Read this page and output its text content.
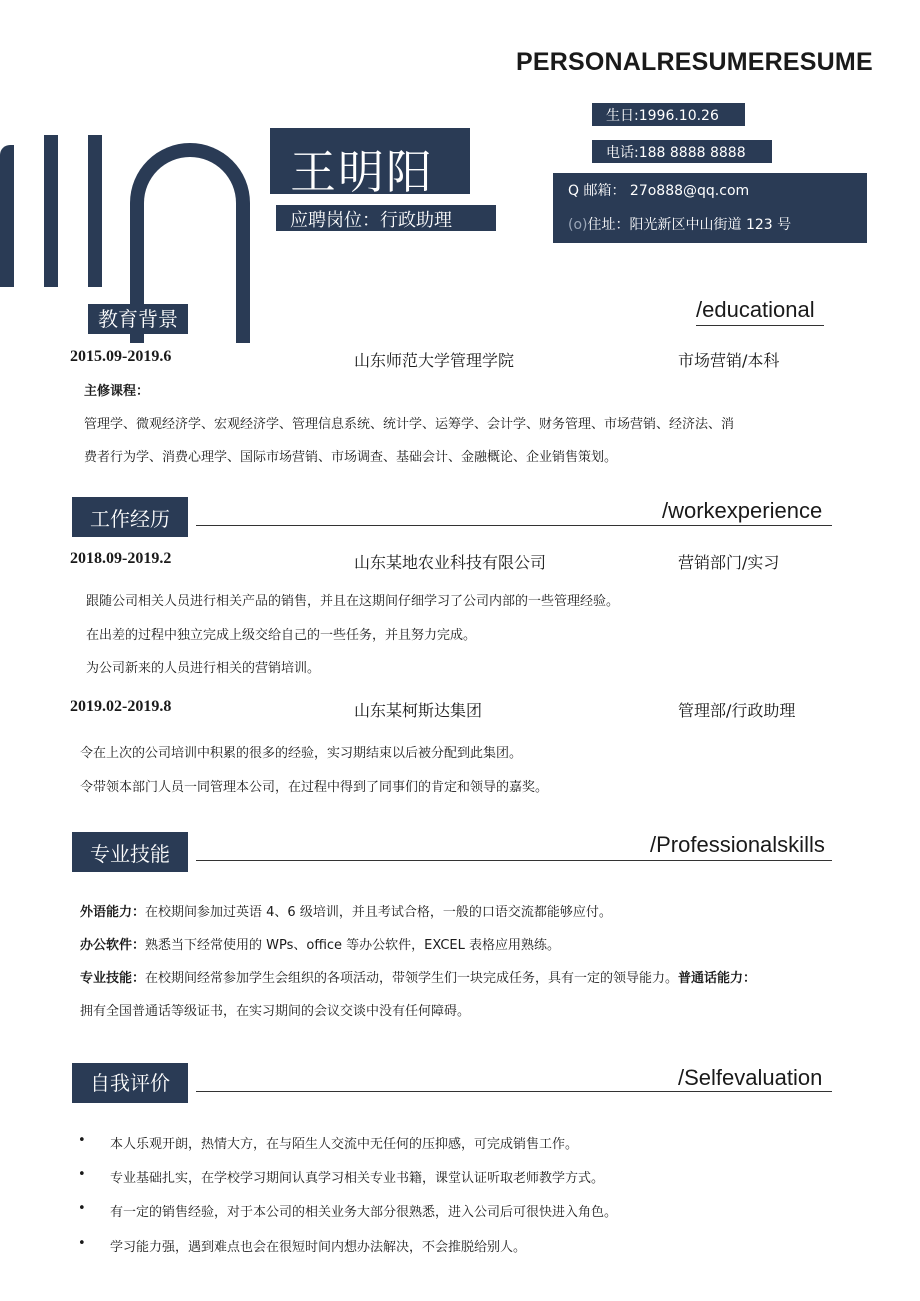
PERSONALRESUMERESUME
王明阳
应聘岗位：行政助理
生日:1996.10.26
电话:188 8888 8888
Q 邮箱： 27o888@qq.com
(o)住址：阳光新区中山街道 123 号
教育背景	/educational
2015.09-2019.6	山东师范大学管理学院	市场营销/本科
主修课程：
管理学、微观经济学、宏观经济学、管理信息系统、统计学、运筹学、会计学、财务管理、市场营销、经济法、消
费者行为学、消费心理学、国际市场营销、市场调查、基础会计、金融概论、企业销售策划。
工作经历	/workexperience
2018.09-2019.2	山东某地农业科技有限公司	营销部门/实习
跟随公司相关人员进行相关产品的销售，并且在这期间仔细学习了公司内部的一些管理经验。
在出差的过程中独立完成上级交给自己的一些任务，并且努力完成。
为公司新来的人员进行相关的营销培训。
2019.02-2019.8	山东某柯斯达集团	管理部/行政助理
令在上次的公司培训中积累的很多的经验，实习期结束以后被分配到此集团。
令带领本部门人员一同管理本公司，在过程中得到了同事们的肯定和领导的嘉奖。
专业技能	/Professionalskills
外语能力：在校期间参加过英语 4、6 级培训，并且考试合格，一般的口语交流都能够应付。
办公软件：熟悉当下经常使用的 WPs、office 等办公软件，EXCEL 表格应用熟练。
专业技能：在校期间经常参加学生会组织的各项活动，带领学生们一块完成任务，具有一定的领导能力。普通话能力：
拥有全国普通话等级证书，在实习期间的会议交谈中没有任何障碍。
自我评价	/Selfevaluation
• 本人乐观开朗，热情大方，在与陌生人交流中无任何的压抑感，可完成销售工作。
• 专业基础扎实，在学校学习期间认真学习相关专业书籍，课堂认证听取老师教学方式。
• 有一定的销售经验，对于本公司的相关业务大部分很熟悉，进入公司后可很快进入角色。
• 学习能力强，遇到难点也会在很短时间内想办法解决，不会推脱给别人。
